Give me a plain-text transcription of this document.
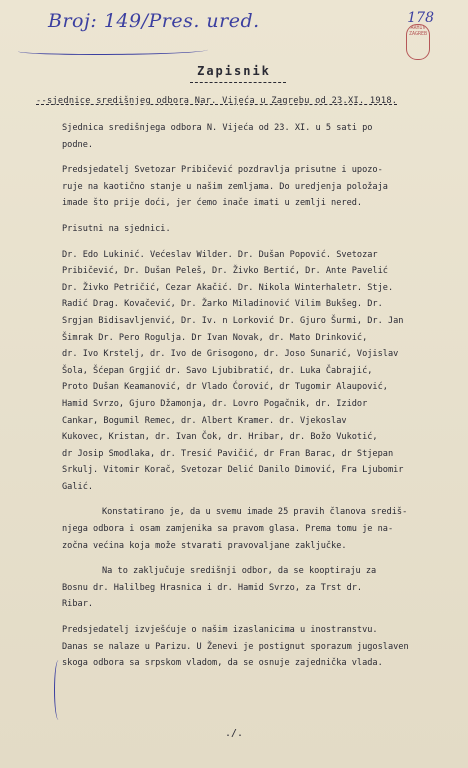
Broj: 149/Pres. ured.	178
ARHIV ZAGREB
Zapisnik
--sjednice središnjeg odbora Nar. Vijeća u Zagrebu od 23.XI. 1918.

Sjednica središnjega odbora N. Vijeća od 23. XI. u 5 sati po
podne.

Predsjedatelj Svetozar Pribičević pozdravlja prisutne i upozo-
ruje na kaotično stanje u našim zemljama. Do uredjenja položaja
imade što prije doći, jer ćemo inače imati u zemlji nered.

Prisutni na sjednici.

Dr. Edo Lukinić. Većeslav Wilder. Dr. Dušan Popović. Svetozar
Pribičević, Dr. Dušan Peleš, Dr. Živko Bertić, Dr. Ante Pavelić
Dr. Živko Petričić, Cezar Akačić. Dr. Nikola Winterhaletr. Stje.
Radić Drag. Kovačević, Dr. Žarko Miladinović Vilim Bukšeg. Dr.
Srgjan Bidisavljenvić, Dr. Iv. n Lorković Dr. Gjuro Šurmi, Dr. Jan
Šimrak Dr. Pero Rogulja. Dr Ivan Novak, dr. Mato Drinković,
dr. Ivo Krstelj, dr. Ivo de Grisogono, dr. Joso Sunarić, Vojislav
Šola, Šćepan Grgjić dr. Savo Ljubibratić, dr. Luka Čabrajić,
Proto Dušan Keamanović, dr Vlado Ćorović, dr Tugomir Alaupović,
Hamid Svrzo, Gjuro Džamonja, dr. Lovro Pogačnik, dr. Izidor
Cankar, Bogumil Remec, dr. Albert Kramer. dr. Vjekoslav
Kukovec, Kristan, dr. Ivan Čok, dr. Hribar, dr. Božo Vukotić,
dr Josip Smodlaka, dr. Tresić Pavičić, dr Fran Barac, dr Stjepan
Srkulj. Vitomir Korač, Svetozar Delić Danilo Dimović, Fra Ljubomir
Galić.

Konstatirano je, da u svemu imade 25 pravih članova središ-
njega odbora i osam zamjenika sa pravom glasa. Prema tomu je na-
zočna većina koja može stvarati pravovaljane zaključke.

Na to zaključuje središnji odbor, da se kooptiraju za
Bosnu dr. Halilbeg Hrasnica i dr. Hamid Svrzo, za Trst dr.
Ribar.

Predsjedatelj izvješćuje o našim izaslanicima u inostranstvu.
Danas se nalaze u Parizu. U Ženevi je postignut sporazum jugoslaven
skoga odbora sa srpskom vladom, da se osnuje zajednička vlada.

./.
